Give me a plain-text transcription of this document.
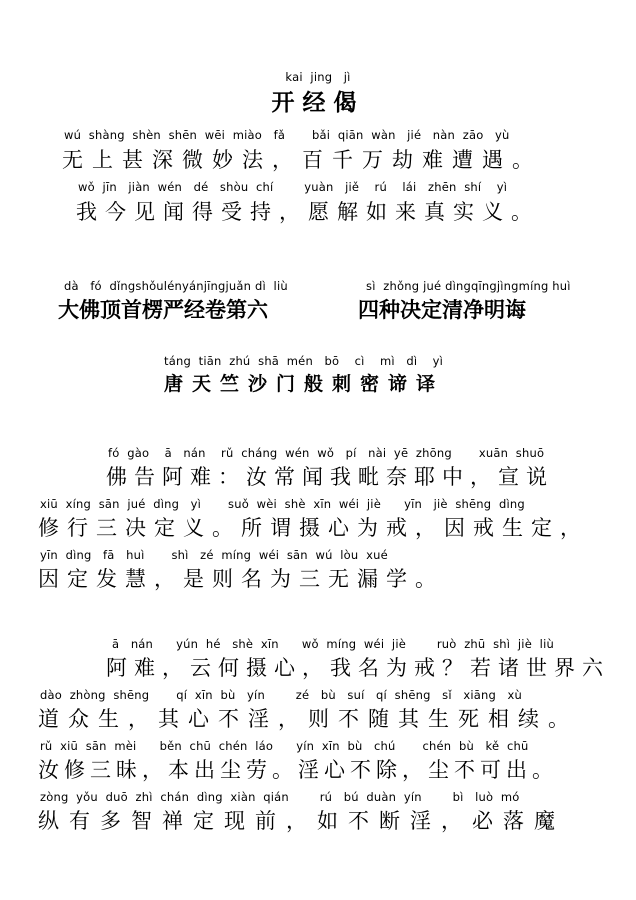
kai  jing   jì
开经偈
wú  shàng  shèn  shēn  wēi  miào   fǎ       bǎi  qiān  wàn   jié   nàn  zāo   yù
无上甚深微妙法，百千万劫难遭遇。
wǒ  jīn   jiàn  wén   dé   shòu  chí        yuàn   jiě    rú    lái   zhēn  shí    yì
我今见闻得受持，愿解如来真实义。
dà   fó  dǐngshǒulényánjīngjuǎn dì  liù
大佛顶首楞严经卷第六
sì  zhǒng jué dìngqīngjìngmíng huì
四种决定清净明诲
táng  tiān  zhú  shā  mén   bō    cì    mì   dì    yì
唐天竺沙门般刺密谛译
fó  gào    ā   nán    rǔ  cháng  wén  wǒ   pí   nài  yē  zhōng       xuān  shuō
佛告阿难：汝常闻我毗奈耶中，宣说
xiū  xíng  sān  jué  dìng   yì       suǒ  wèi  shè  xīn  wéi  jiè      yīn   jiè  shēng  dìng
修行三决定义。所谓摄心为戒，因戒生定，
yīn  dìng   fā   huì       shì   zé  míng  wéi  sān  wú  lòu  xué
因定发慧，是则名为三无漏学。
ā   nán      yún  hé   shè  xīn      wǒ  míng  wéi  jiè        ruò  zhū  shì  jiè  liù
阿难，云何摄心，我名为戒？若诸世界六
dào  zhòng  shēng       qí  xīn  bù   yín        zé   bù   suí   qí  shēng   sǐ   xiāng   xù
道众生，其心不淫，则不随其生死相续。
rǔ  xiū  sān  mèi      běn  chū  chén  láo      yín  xīn  bù   chú       chén  bù   kě  chū
汝修三昧，本出尘劳。淫心不除，尘不可出。
zòng  yǒu  duō  zhì  chán  dìng  xiàn  qián        rú   bú  duàn  yín        bì   luò  mó
纵有多智禅定现前，如不断淫，必落魔
